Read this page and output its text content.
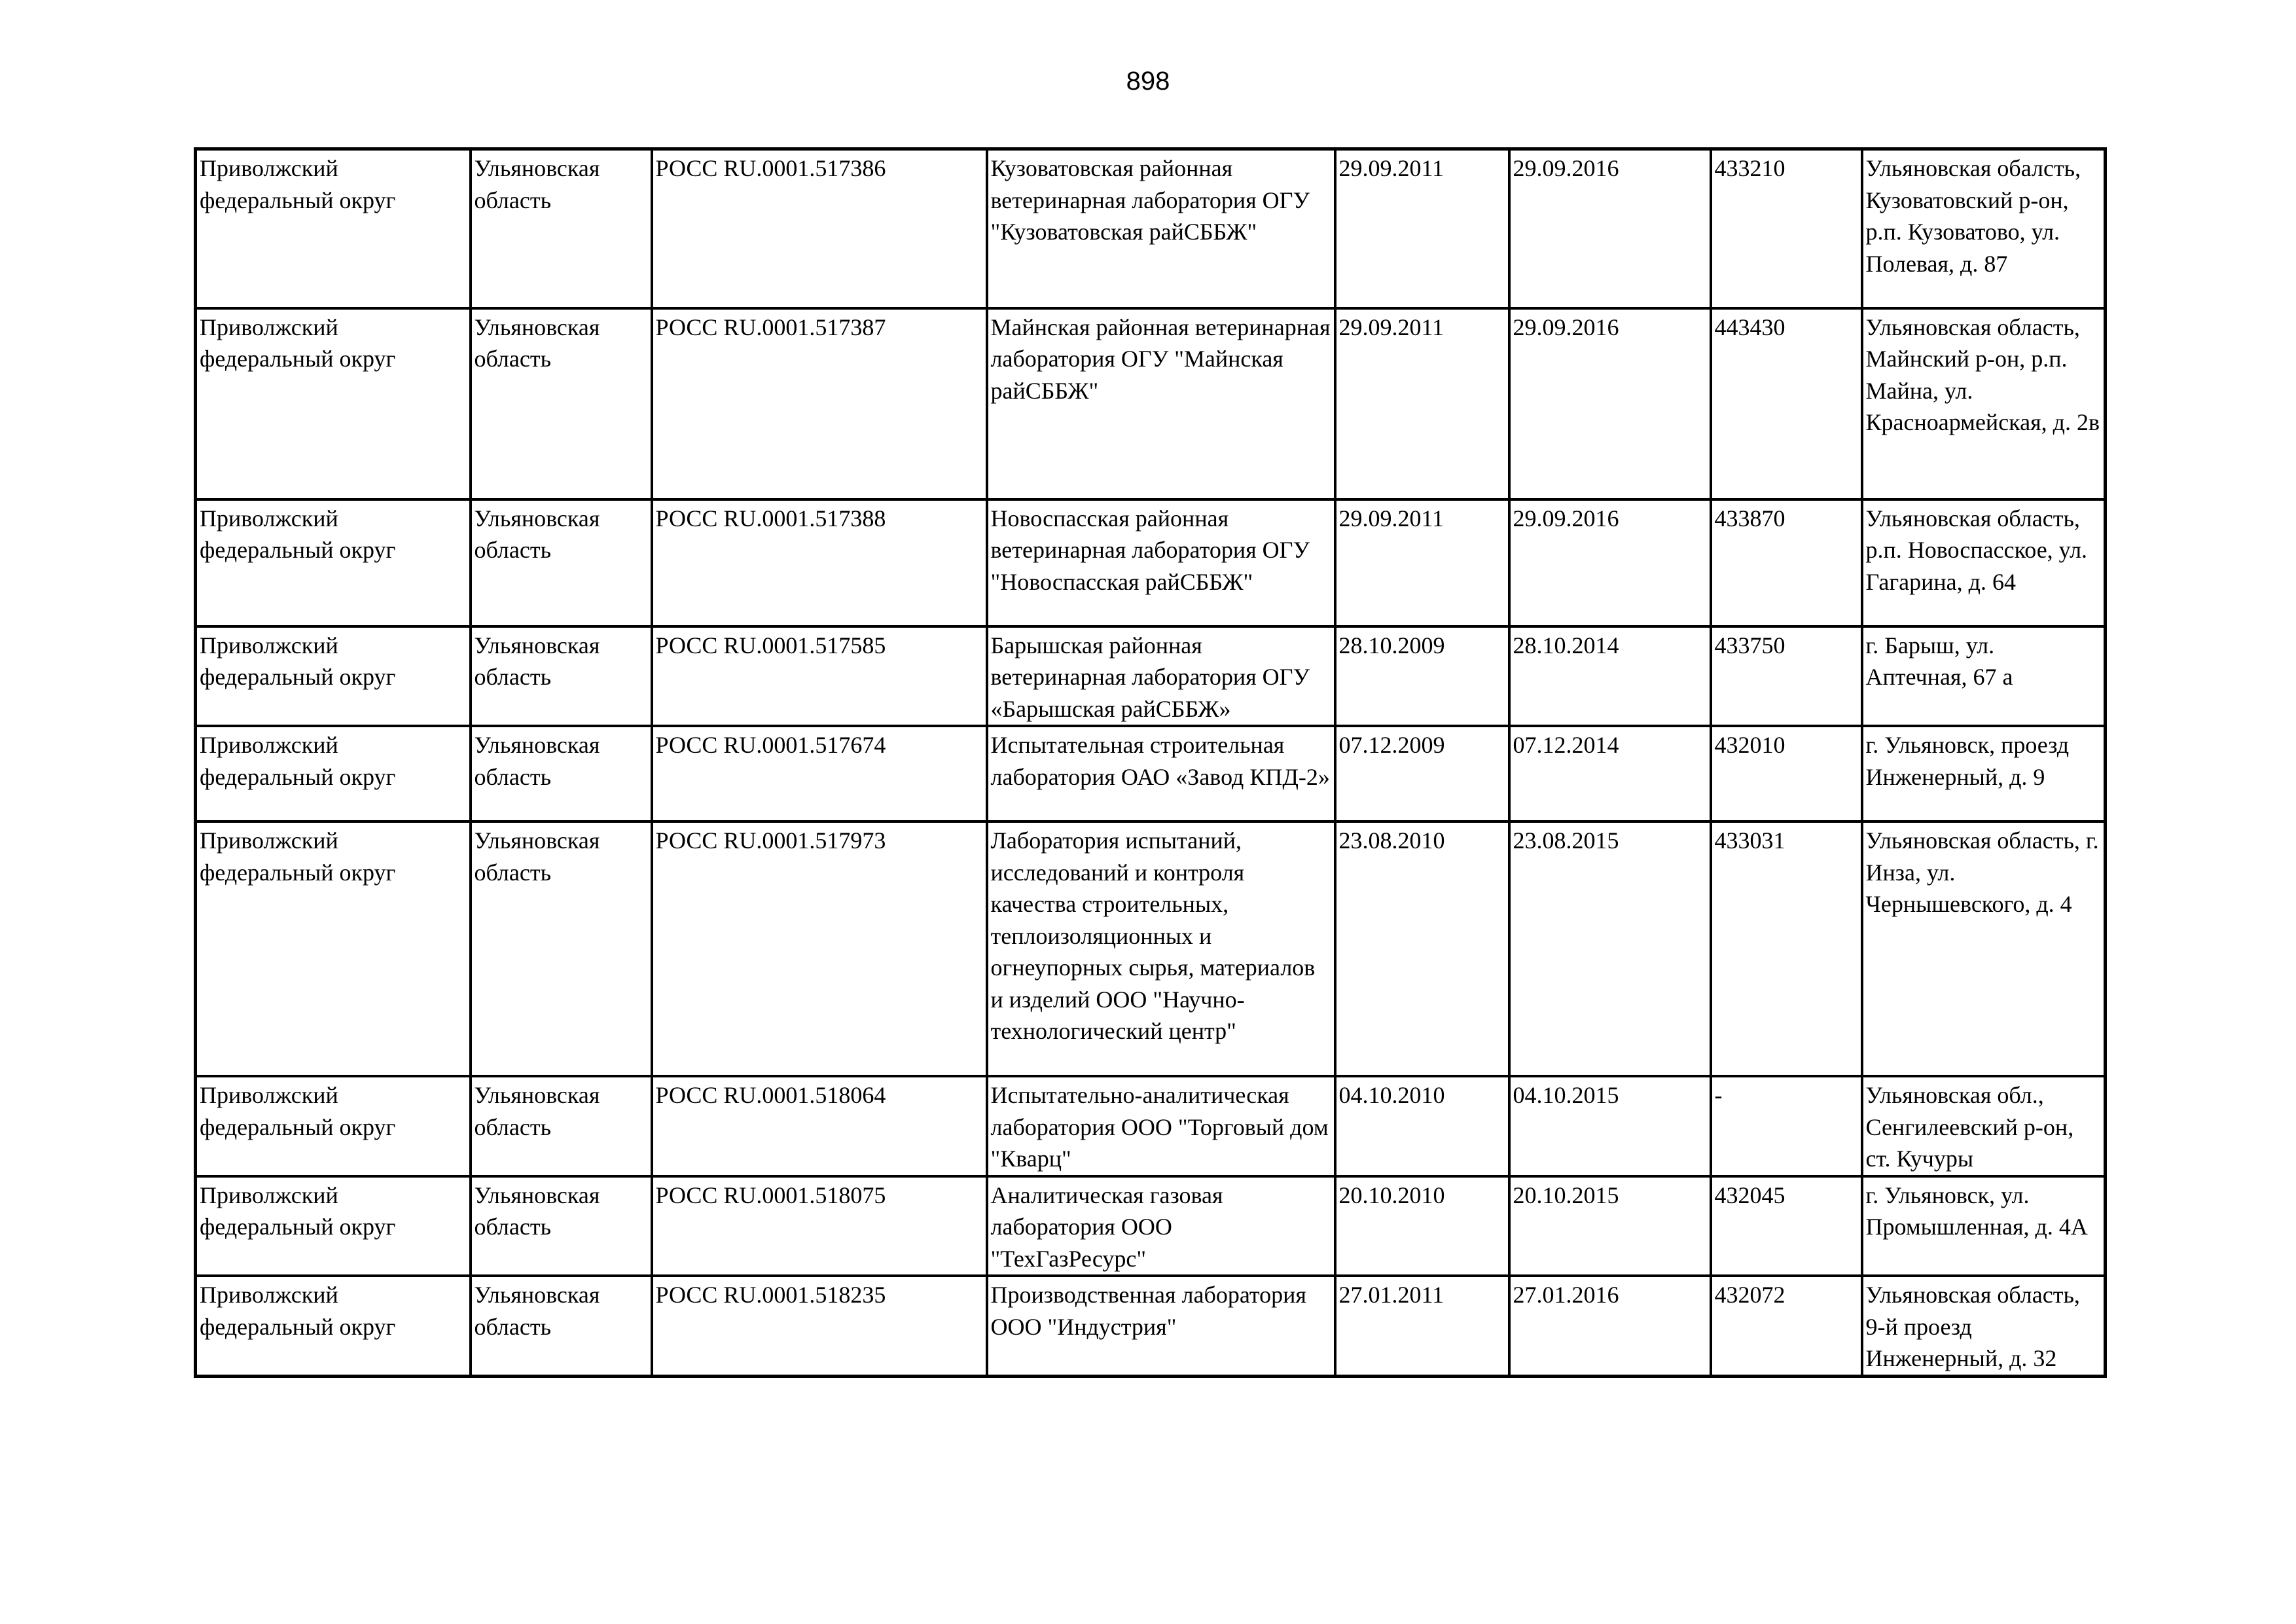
898
Приволжский федеральный округ	Ульяновская область	РОСС RU.0001.517386	Кузоватовская районная ветеринарная лаборатория ОГУ "Кузоватовская райСББЖ"	29.09.2011	29.09.2016	433210	Ульяновская обалсть, Кузоватовский р-он, р.п. Кузоватово, ул. Полевая, д. 87
Приволжский федеральный округ	Ульяновская область	РОСС RU.0001.517387	Майнская районная ветеринарная лаборатория ОГУ "Майнская райСББЖ"	29.09.2011	29.09.2016	443430	Ульяновская область, Майнский р-он, р.п. Майна, ул. Красноармейская, д. 2в
Приволжский федеральный округ	Ульяновская область	РОСС RU.0001.517388	Новоспасская районная ветеринарная лаборатория ОГУ "Новоспасская райСББЖ"	29.09.2011	29.09.2016	433870	Ульяновская область, р.п. Новоспасское, ул. Гагарина, д. 64
Приволжский федеральный округ	Ульяновская область	РОСС RU.0001.517585	Барышская районная ветеринарная лаборатория ОГУ «Барышская райСББЖ»	28.10.2009	28.10.2014	433750	г. Барыш, ул. Аптечная, 67 а
Приволжский федеральный округ	Ульяновская область	РОСС RU.0001.517674	Испытательная строительная лаборатория ОАО «Завод КПД-2»	07.12.2009	07.12.2014	432010	г. Ульяновск, проезд Инженерный, д. 9
Приволжский федеральный округ	Ульяновская область	РОСС RU.0001.517973	Лаборатория испытаний, исследований и контроля качества строительных, теплоизоляционных и огнеупорных сырья, материалов и изделий ООО "Научно-технологический центр"	23.08.2010	23.08.2015	433031	Ульяновская область, г. Инза, ул. Чернышевского, д. 4
Приволжский федеральный округ	Ульяновская область	РОСС RU.0001.518064	Испытательно-аналитическая лаборатория ООО "Торговый дом "Кварц"	04.10.2010	04.10.2015	-	Ульяновская обл., Сенгилеевский р-он, ст. Кучуры
Приволжский федеральный округ	Ульяновская область	РОСС RU.0001.518075	Аналитическая газовая лаборатория ООО "ТехГазРесурс"	20.10.2010	20.10.2015	432045	г. Ульяновск, ул. Промышленная, д. 4А
Приволжский федеральный округ	Ульяновская область	РОСС RU.0001.518235	Производственная лаборатория ООО "Индустрия"	27.01.2011	27.01.2016	432072	Ульяновская область, 9-й проезд Инженерный, д. 32
